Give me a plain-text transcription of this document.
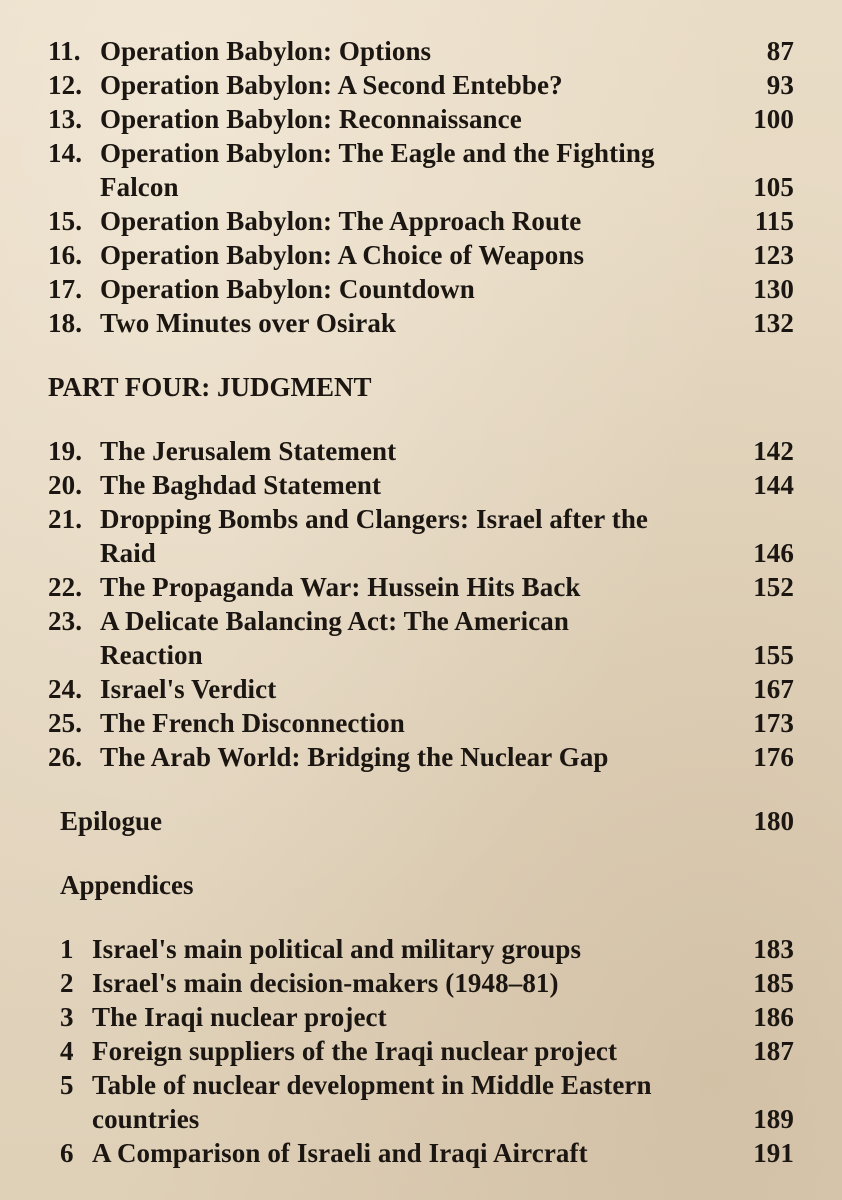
11. Operation Babylon: Options	87
12. Operation Babylon: A Second Entebbe?	93
13. Operation Babylon: Reconnaissance	100
14. Operation Babylon: The Eagle and the Fighting
Falcon	105
15. Operation Babylon: The Approach Route	115
16. Operation Babylon: A Choice of Weapons	123
17. Operation Babylon: Countdown	130
18. Two Minutes over Osirak	132
PART FOUR: JUDGMENT
19. The Jerusalem Statement	142
20. The Baghdad Statement	144
21. Dropping Bombs and Clangers: Israel after the
Raid	146
22. The Propaganda War: Hussein Hits Back	152
23. A Delicate Balancing Act: The American
Reaction	155
24. Israel's Verdict	167
25. The French Disconnection	173
26. The Arab World: Bridging the Nuclear Gap	176
Epilogue	180
Appendices
1 Israel's main political and military groups	183
2 Israel's main decision-makers (1948–81)	185
3 The Iraqi nuclear project	186
4 Foreign suppliers of the Iraqi nuclear project	187
5 Table of nuclear development in Middle Eastern
countries	189
6 A Comparison of Israeli and Iraqi Aircraft	191
